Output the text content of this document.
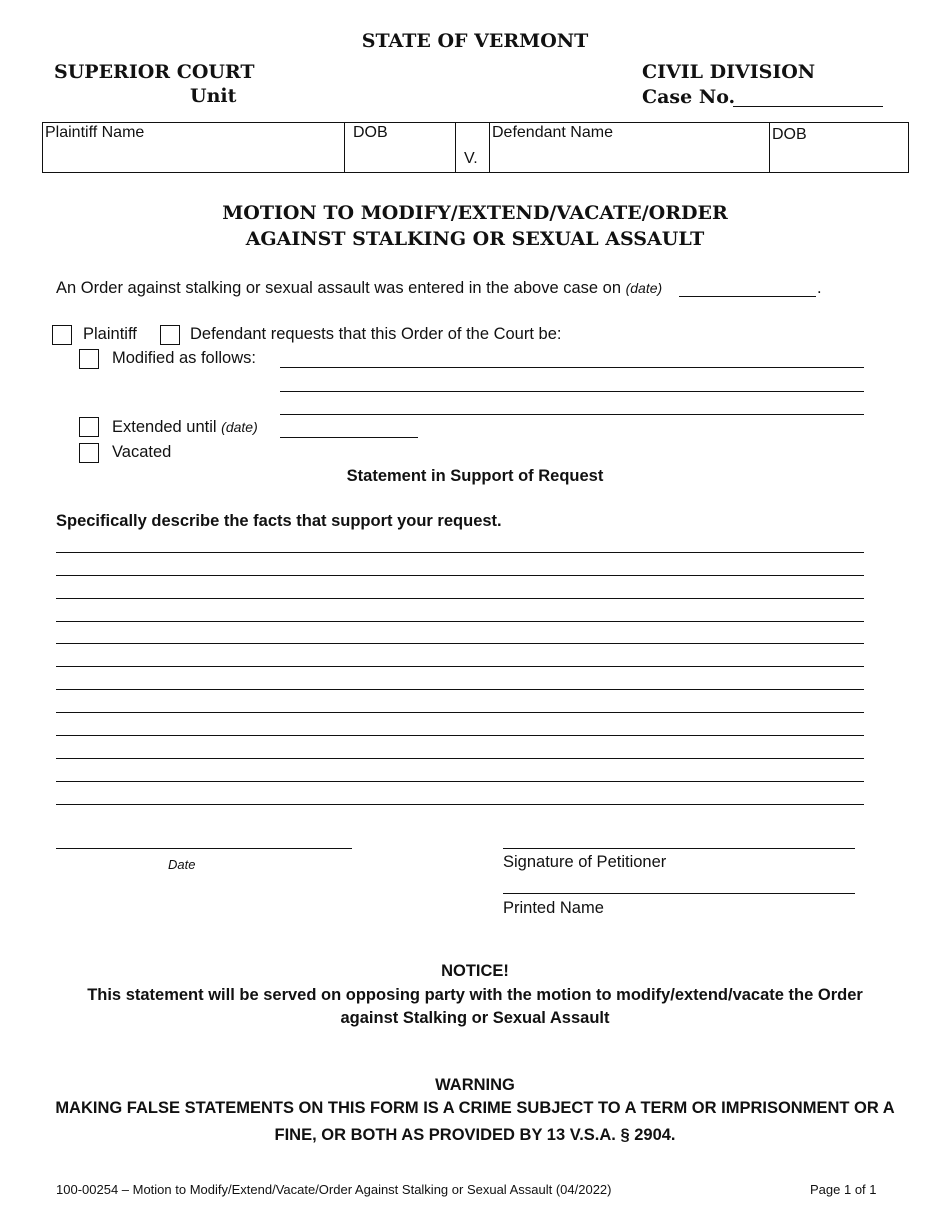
STATE OF VERMONT
SUPERIOR COURT
Unit
CIVIL DIVISION
Case No.
Plaintiff Name	DOB	V.	Defendant Name	DOB
MOTION TO MODIFY/EXTEND/VACATE/ORDER
AGAINST STALKING OR SEXUAL ASSAULT
An Order against stalking or sexual assault was entered in the above case on (date)	.
Plaintiff	Defendant requests that this Order of the Court be:
Modified as follows:
Extended until (date)
Vacated
Statement in Support of Request
Specifically describe the facts that support your request.
Date	Signature of Petitioner
Printed Name
NOTICE!
This statement will be served on opposing party with the motion to modify/extend/vacate the Order
against Stalking or Sexual Assault
WARNING
MAKING FALSE STATEMENTS ON THIS FORM IS A CRIME SUBJECT TO A TERM OR IMPRISONMENT OR A
FINE, OR BOTH AS PROVIDED BY 13 V.S.A. § 2904.
100-00254 – Motion to Modify/Extend/Vacate/Order Against Stalking or Sexual Assault (04/2022)	Page 1 of 1
